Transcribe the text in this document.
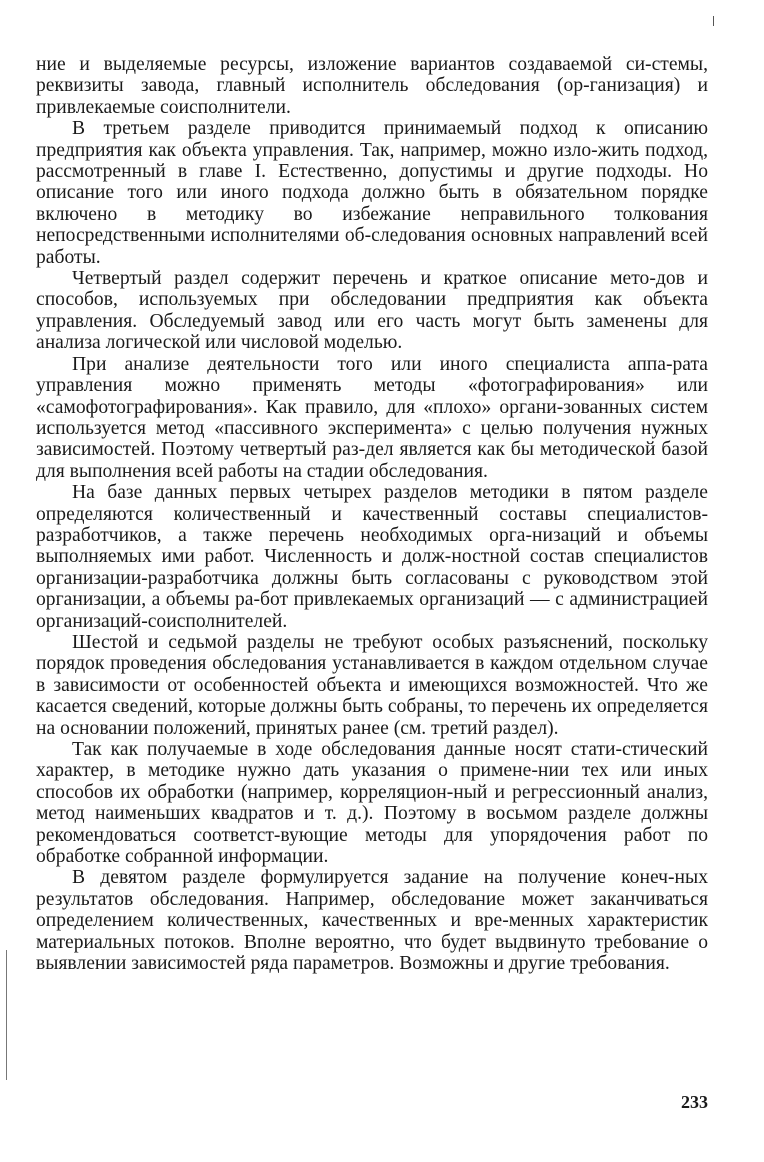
ние и выделяемые ресурсы, изложение вариантов создаваемой си-стемы, реквизиты завода, главный исполнитель обследования (ор-ганизация) и привлекаемые соисполнители.

В третьем разделе приводится принимаемый подход к описанию предприятия как объекта управления. Так, например, можно изло-жить подход, рассмотренный в главе I. Естественно, допустимы и другие подходы. Но описание того или иного подхода должно быть в обязательном порядке включено в методику во избежание неправильного толкования непосредственными исполнителями об-следования основных направлений всей работы.

Четвертый раздел содержит перечень и краткое описание мето-дов и способов, используемых при обследовании предприятия как объекта управления. Обследуемый завод или его часть могут быть заменены для анализа логической или числовой моделью.

При анализе деятельности того или иного специалиста аппа-рата управления можно применять методы «фотографирования» или «самофотографирования». Как правило, для «плохо» органи-зованных систем используется метод «пассивного эксперимента» с целью получения нужных зависимостей. Поэтому четвертый раз-дел является как бы методической базой для выполнения всей работы на стадии обследования.

На базе данных первых четырех разделов методики в пятом разделе определяются количественный и качественный составы специалистов-разработчиков, а также перечень необходимых орга-низаций и объемы выполняемых ими работ. Численность и долж-ностной состав специалистов организации-разработчика должны быть согласованы с руководством этой организации, а объемы ра-бот привлекаемых организаций — с администрацией организаций-соисполнителей.

Шестой и седьмой разделы не требуют особых разъяснений, поскольку порядок проведения обследования устанавливается в каждом отдельном случае в зависимости от особенностей объекта и имеющихся возможностей. Что же касается сведений, которые должны быть собраны, то перечень их определяется на основании положений, принятых ранее (см. третий раздел).

Так как получаемые в ходе обследования данные носят стати-стический характер, в методике нужно дать указания о примене-нии тех или иных способов их обработки (например, корреляцион-ный и регрессионный анализ, метод наименьших квадратов и т. д.). Поэтому в восьмом разделе должны рекомендоваться соответст-вующие методы для упорядочения работ по обработке собранной информации.

В девятом разделе формулируется задание на получение конеч-ных результатов обследования. Например, обследование может заканчиваться определением количественных, качественных и вре-менных характеристик материальных потоков. Вполне вероятно, что будет выдвинуто требование о выявлении зависимостей ряда параметров. Возможны и другие требования.

233
